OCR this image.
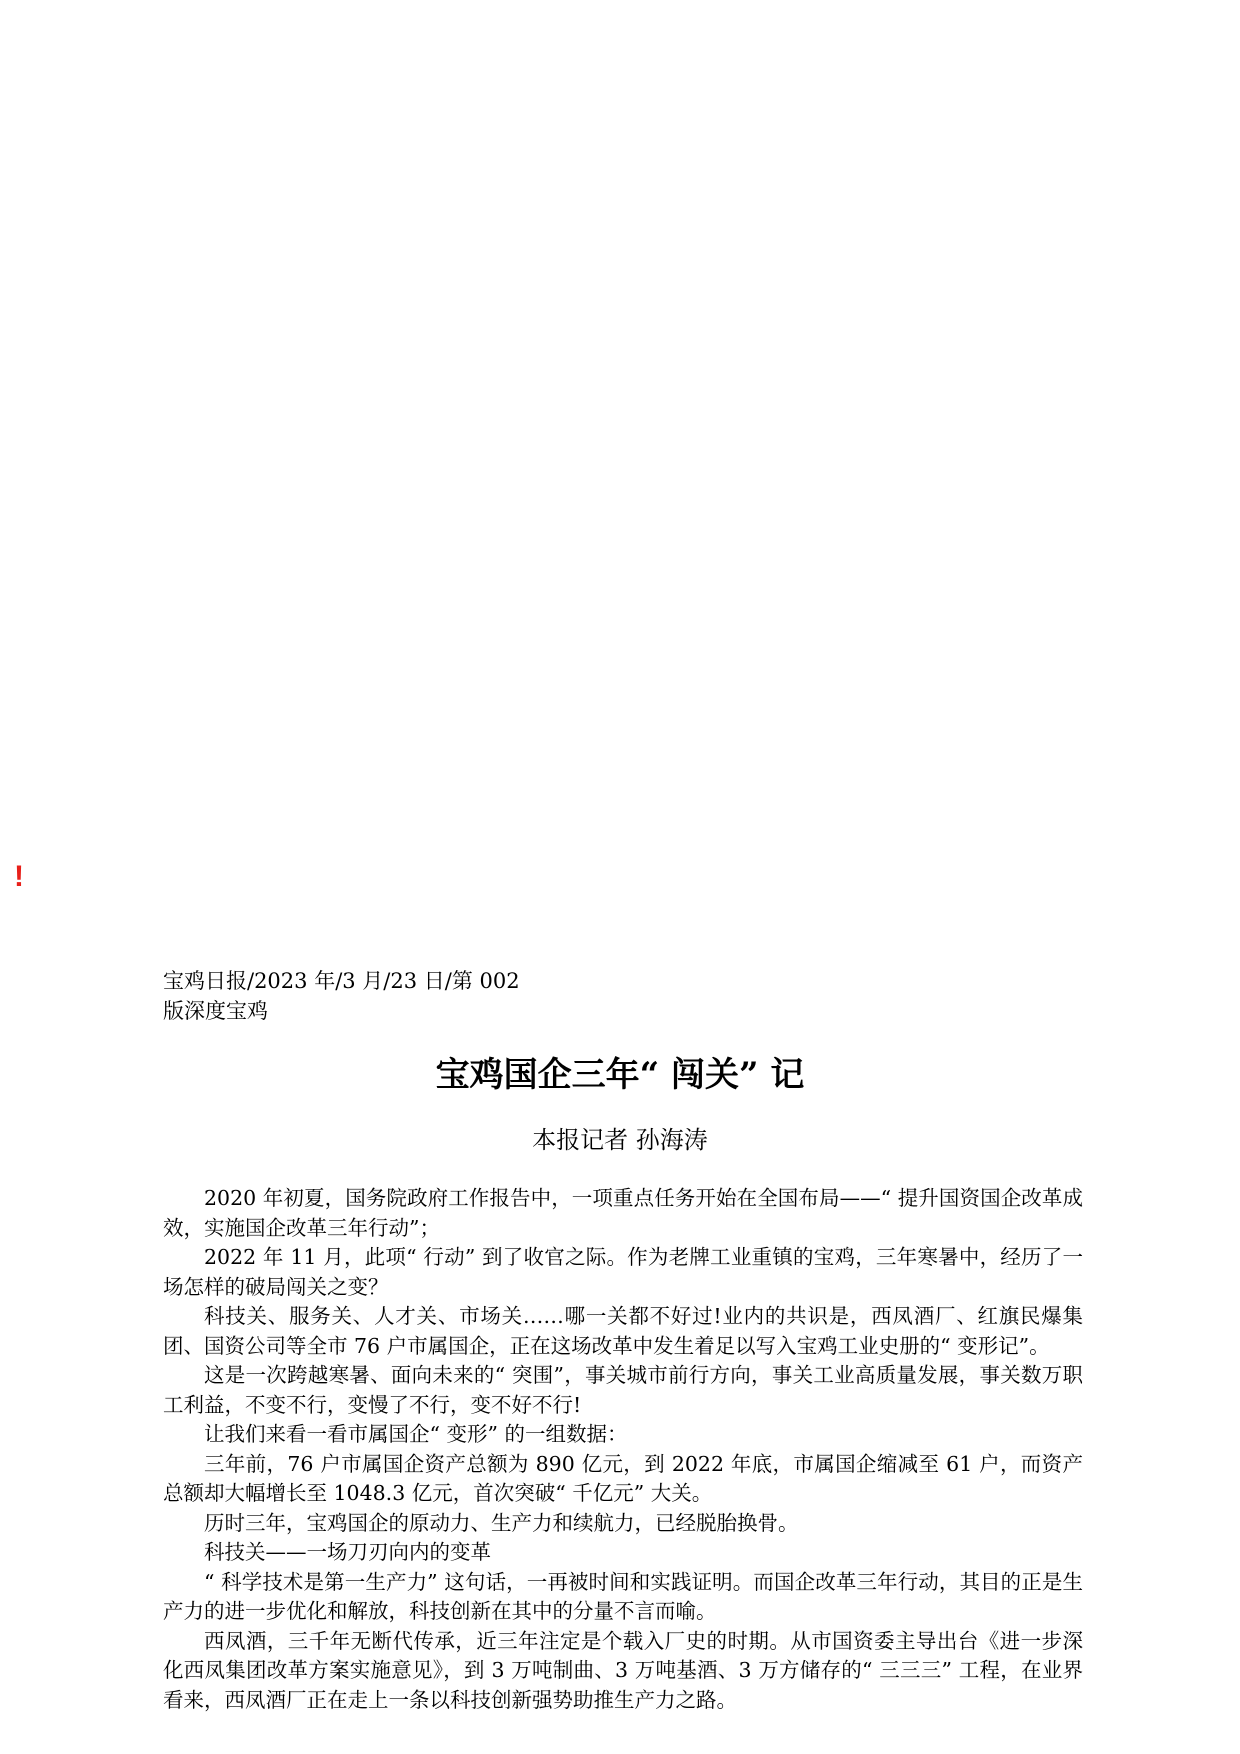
!
宝鸡日报/2023 年/3 月/23 日/第 002 版深度宝鸡
宝鸡国企三年“ 闯关” 记
本报记者 孙海涛

2020 年初夏，国务院政府工作报告中，一项重点任务开始在全国布局——“ 提升国资国企改革成效，实施国企改革三年行动”；

2022 年 11 月，此项“ 行动” 到了收官之际。作为老牌工业重镇的宝鸡，三年寒暑中，经历了一场怎样的破局闯关之变？

科技关、服务关、人才关、市场关……哪一关都不好过!业内的共识是，西凤酒厂、红旗民爆集团、国资公司等全市 76 户市属国企，正在这场改革中发生着足以写入宝鸡工业史册的“ 变形记”。

这是一次跨越寒暑、面向未来的“ 突围”，事关城市前行方向，事关工业高质量发展，事关数万职工利益，不变不行，变慢了不行，变不好不行!

让我们来看一看市属国企“ 变形” 的一组数据：

三年前，76 户市属国企资产总额为 890 亿元，到 2022 年底，市属国企缩减至 61 户，而资产总额却大幅增长至 1048.3 亿元，首次突破“ 千亿元” 大关。

历时三年，宝鸡国企的原动力、生产力和续航力，已经脱胎换骨。

科技关——一场刀刃向内的变革

“ 科学技术是第一生产力” 这句话，一再被时间和实践证明。而国企改革三年行动，其目的正是生产力的进一步优化和解放，科技创新在其中的分量不言而喻。

西凤酒，三千年无断代传承，近三年注定是个载入厂史的时期。从市国资委主导出台《进一步深化西凤集团改革方案实施意见》，到 3 万吨制曲、3 万吨基酒、3 万方储存的“ 三三三” 工程，在业界看来，西凤酒厂正在走上一条以科技创新强势助推生产力之路。
